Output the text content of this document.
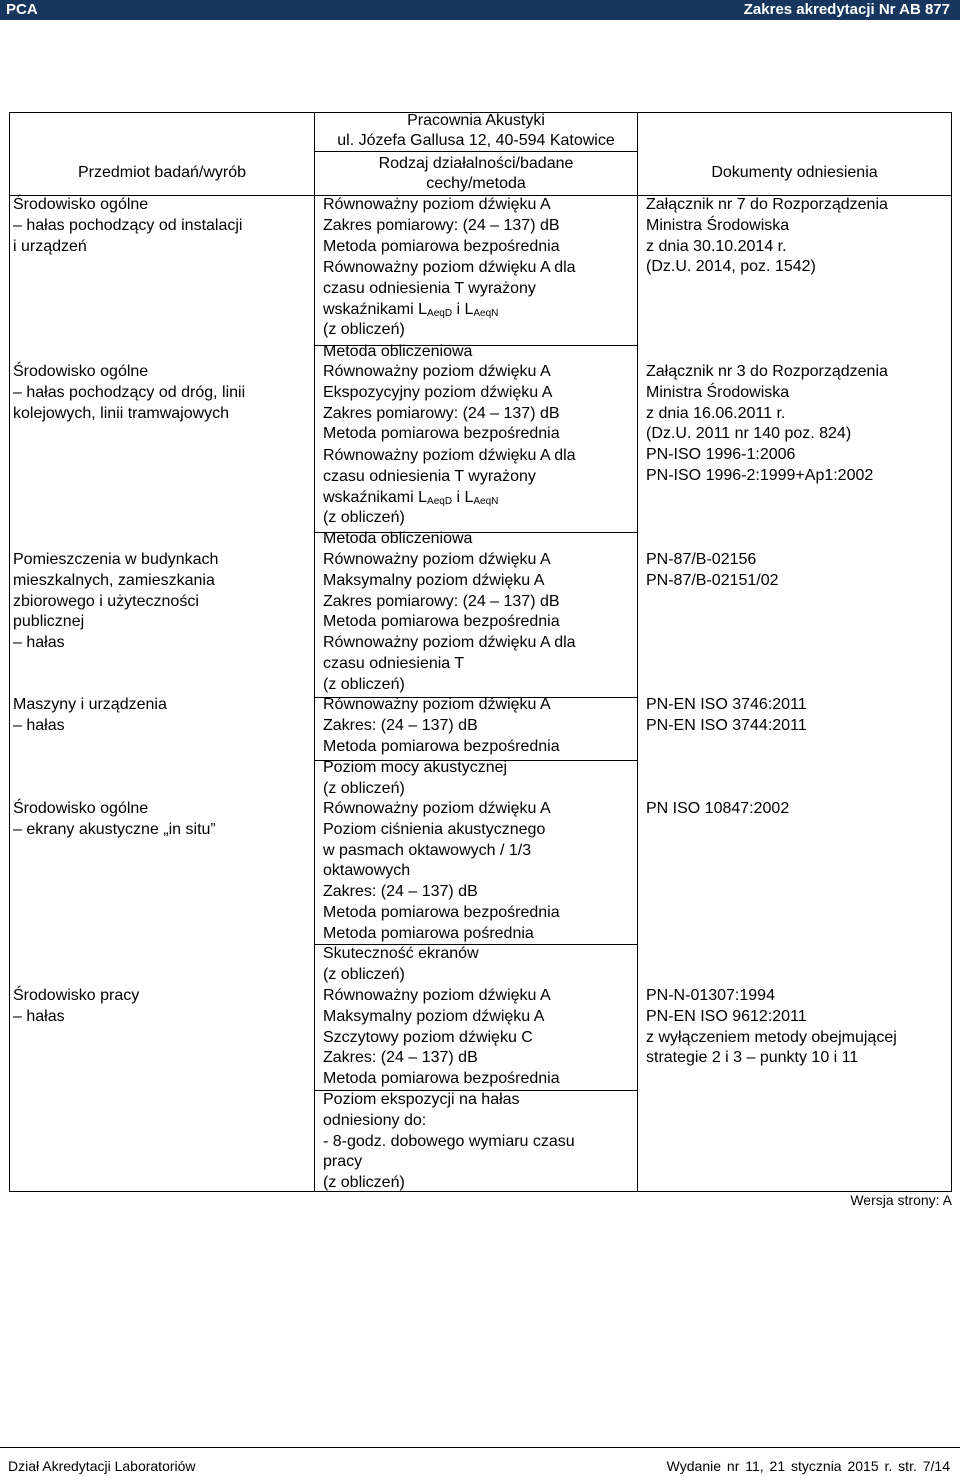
PCA	Zakres akredytacji Nr AB 877
Pracownia Akustyki
ul. Józefa Gallusa 12, 40-594 Katowice
Przedmiot badań/wyrób
Rodzaj działalności/badane
cechy/metoda
Dokumenty odniesienia
Środowisko ogólne
– hałas pochodzący od instalacji
i urządzeń
Równoważny poziom dźwięku A
Zakres pomiarowy: (24 – 137) dB
Metoda pomiarowa bezpośrednia
Równoważny poziom dźwięku A dla
czasu odniesienia T wyrażony
wskaźnikami $L_{AeqD}$ i $L_{AeqN}$
(z obliczeń)
Metoda obliczeniowa
Załącznik nr 7 do Rozporządzenia
Ministra Środowiska
z dnia 30.10.2014 r.
(Dz.U. 2014, poz. 1542)
Środowisko ogólne
– hałas pochodzący od dróg, linii
kolejowych, linii tramwajowych
Równoważny poziom dźwięku A
Ekspozycyjny poziom dźwięku A
Zakres pomiarowy: (24 – 137) dB
Metoda pomiarowa bezpośrednia
Równoważny poziom dźwięku A dla
czasu odniesienia T wyrażony
wskaźnikami $L_{AeqD}$ i $L_{AeqN}$
(z obliczeń)
Metoda obliczeniowa
Załącznik nr 3 do Rozporządzenia
Ministra Środowiska
z dnia 16.06.2011 r.
(Dz.U. 2011 nr 140 poz. 824)
PN-ISO 1996-1:2006
PN-ISO 1996-2:1999+Ap1:2002
Pomieszczenia w budynkach
mieszkalnych, zamieszkania
zbiorowego i użyteczności
publicznej
– hałas
Równoważny poziom dźwięku A
Maksymalny poziom dźwięku A
Zakres pomiarowy: (24 – 137) dB
Metoda pomiarowa bezpośrednia
Równoważny poziom dźwięku A dla
czasu odniesienia T
(z obliczeń)
PN-87/B-02156
PN-87/B-02151/02
Maszyny i urządzenia
– hałas
Równoważny poziom dźwięku A
Zakres: (24 – 137) dB
Metoda pomiarowa bezpośrednia
Poziom mocy akustycznej
(z obliczeń)
PN-EN ISO 3746:2011
PN-EN ISO 3744:2011
Środowisko ogólne
– ekrany akustyczne „in situ”
Równoważny poziom dźwięku A
Poziom ciśnienia akustycznego
w pasmach oktawowych / 1/3
oktawowych
Zakres: (24 – 137) dB
Metoda pomiarowa bezpośrednia
Metoda pomiarowa pośrednia
Skuteczność ekranów
(z obliczeń)
PN ISO 10847:2002
Środowisko pracy
– hałas
Równoważny poziom dźwięku A
Maksymalny poziom dźwięku A
Szczytowy poziom dźwięku C
Zakres: (24 – 137) dB
Metoda pomiarowa bezpośrednia
Poziom ekspozycji na hałas
odniesiony do:
- 8-godz. dobowego wymiaru czasu
pracy
(z obliczeń)
PN-N-01307:1994
PN-EN ISO 9612:2011
z wyłączeniem metody obejmującej
strategie 2 i 3 – punkty 10 i 11
Wersja strony: A
Dział Akredytacji Laboratoriów	Wydanie nr 11, 21 stycznia 2015 r. str. 7/14
